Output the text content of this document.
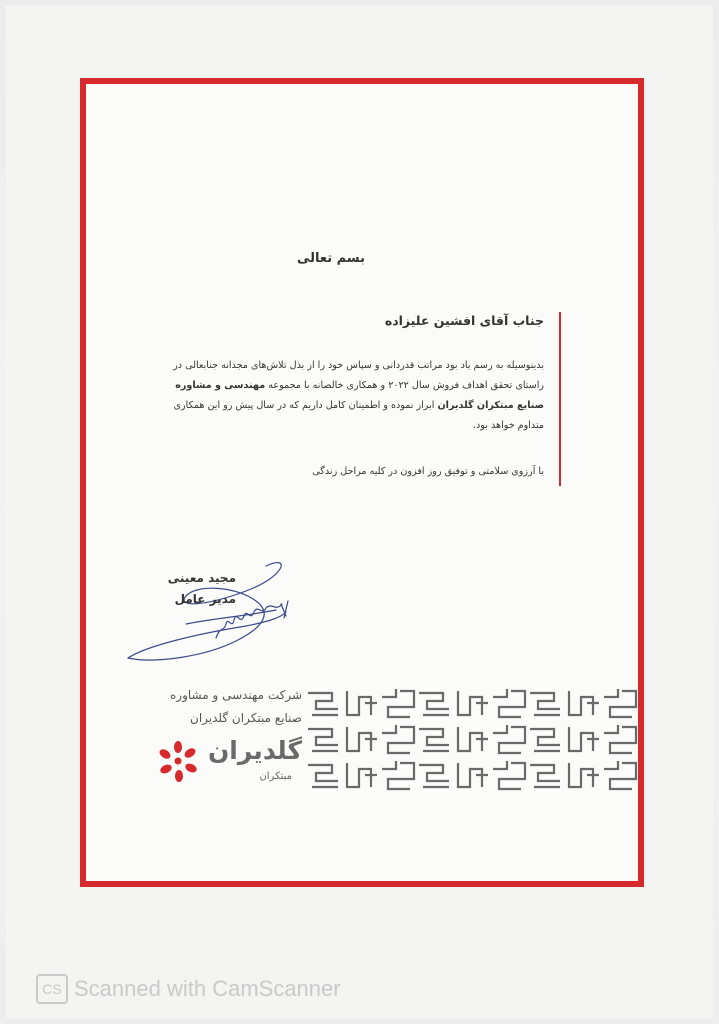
بسم تعالی
جناب آقای افشین علیزاده
بدینوسیله به رسم یاد بود مراتب قدردانی و سپاس خود را از بذل تلاش‌های مجدانه جنابعالی در راستای تحقق اهداف فروش سال ۲۰۲۲ و همکاری خالصانه با مجموعه مهندسی و مشاوره صنایع مبتکران گلدیران ابراز نموده و اطمینان کامل داریم که در سال پیش رو این همکاری متداوم خواهد بود.
با آرزوی سلامتی و توفیق روز افزون در کلیه مراحل زندگی
مجید معینی
مدیر عامل
شرکت مهندسی و مشاوره
صنایع مبتکران گلدیران
گلدیران
مبتکران
CS Scanned with CamScanner
